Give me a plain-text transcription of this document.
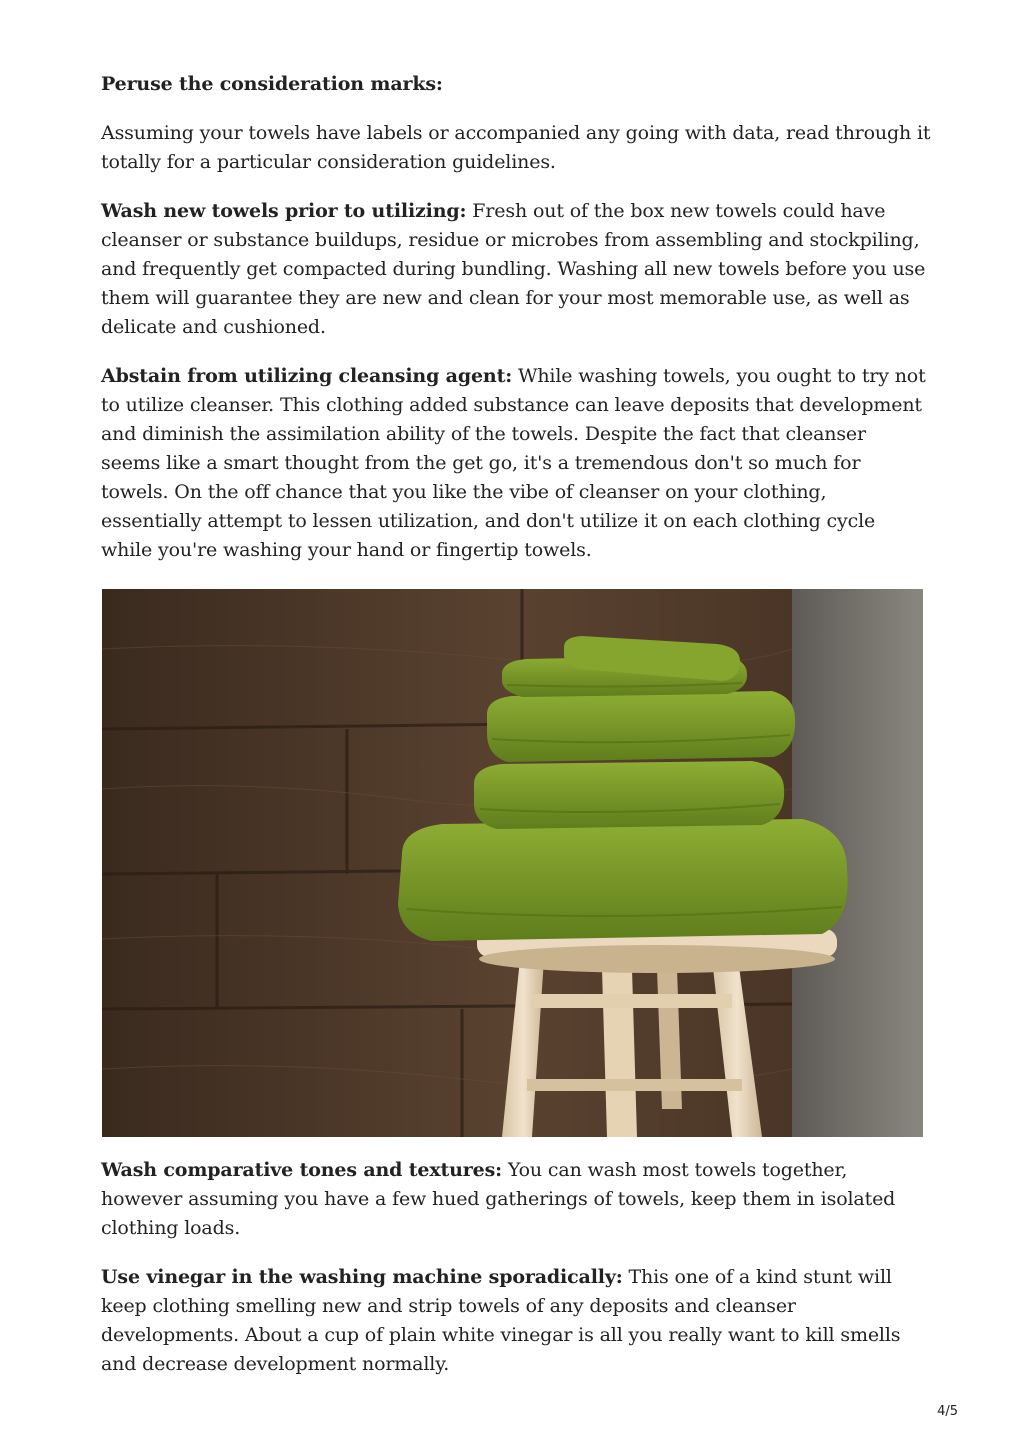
Peruse the consideration marks:

Assuming your towels have labels or accompanied any going with data, read through it totally for a particular consideration guidelines.

Wash new towels prior to utilizing: Fresh out of the box new towels could have cleanser or substance buildups, residue or microbes from assembling and stockpiling, and frequently get compacted during bundling. Washing all new towels before you use them will guarantee they are new and clean for your most memorable use, as well as delicate and cushioned.

Abstain from utilizing cleansing agent: While washing towels, you ought to try not to utilize cleanser. This clothing added substance can leave deposits that development and diminish the assimilation ability of the towels. Despite the fact that cleanser seems like a smart thought from the get go, it's a tremendous don't so much for towels. On the off chance that you like the vibe of cleanser on your clothing, essentially attempt to lessen utilization, and don't utilize it on each clothing cycle while you're washing your hand or fingertip towels.

Wash comparative tones and textures: You can wash most towels together, however assuming you have a few hued gatherings of towels, keep them in isolated clothing loads.

Use vinegar in the washing machine sporadically: This one of a kind stunt will keep clothing smelling new and strip towels of any deposits and cleanser developments. About a cup of plain white vinegar is all you really want to kill smells and decrease development normally.

4/5
